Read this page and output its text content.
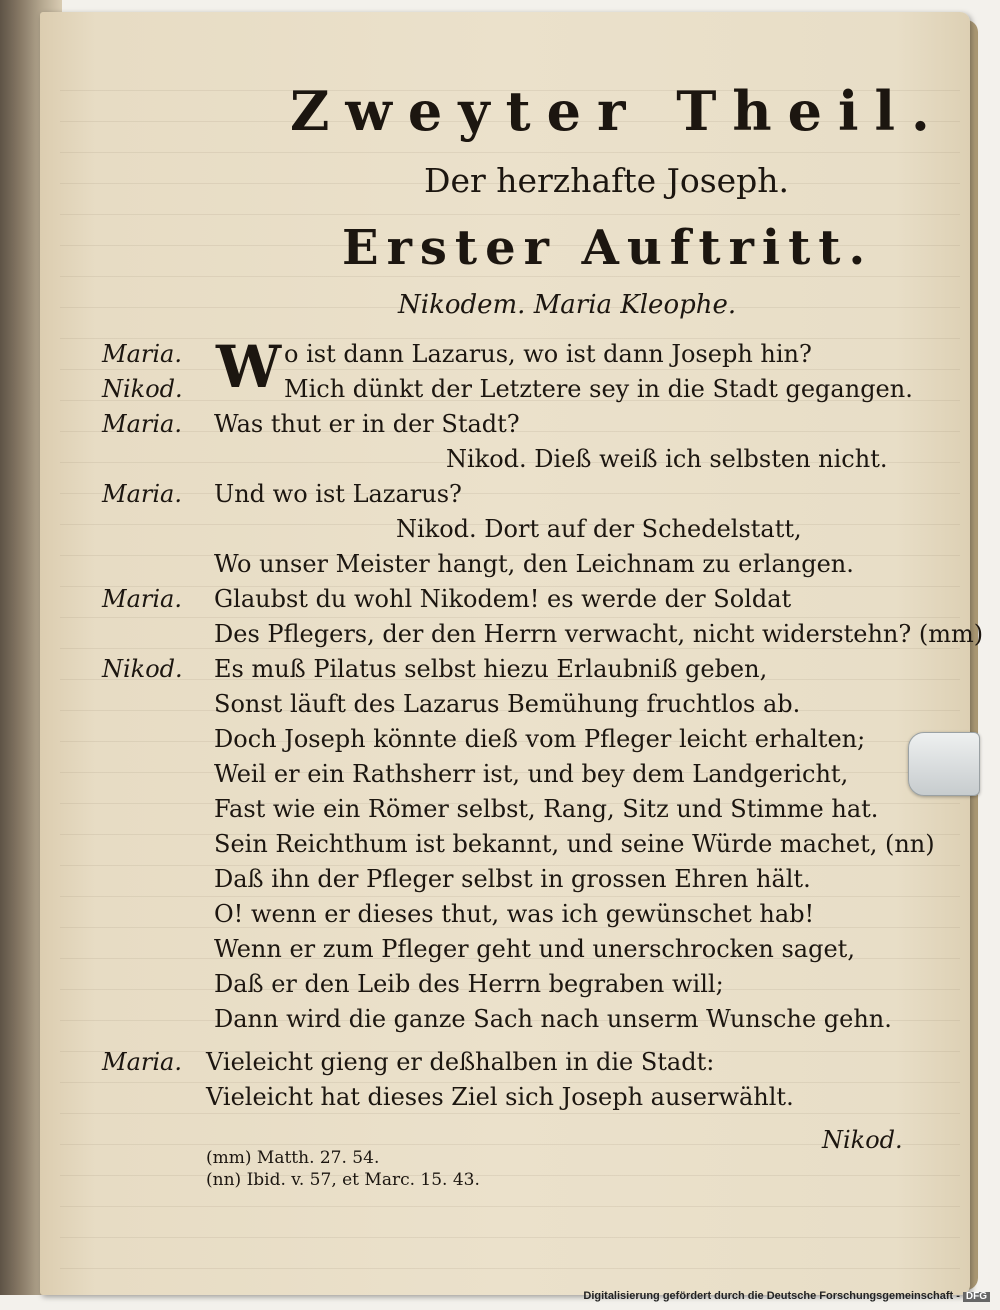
Zweyter Theil.
Der herzhafte Joseph.
Erster Auftritt.
Nikodem. Maria Kleophe.
W
Maria.	o ist dann Lazarus, wo ist dann Joseph hin?
Nikod.	Mich dünkt der Letztere sey in die Stadt gegangen.
Maria. Was thut er in der Stadt?
Nikod. Dieß weiß ich selbsten nicht.
Maria. Und wo ist Lazarus?
Nikod. Dort auf der Schedelstatt,
Wo unser Meister hangt, den Leichnam zu erlangen.
Maria. Glaubst du wohl Nikodem! es werde der Soldat
Des Pflegers, der den Herrn verwacht, nicht widerstehn? (mm)
Nikod. Es muß Pilatus selbst hiezu Erlaubniß geben,
Sonst läuft des Lazarus Bemühung fruchtlos ab.
Doch Joseph könnte dieß vom Pfleger leicht erhalten;
Weil er ein Rathsherr ist, und bey dem Landgericht,
Fast wie ein Römer selbst, Rang, Sitz und Stimme hat.
Sein Reichthum ist bekannt, und seine Würde machet, (nn)
Daß ihn der Pfleger selbst in grossen Ehren hält.
O! wenn er dieses thut, was ich gewünschet hab!
Wenn er zum Pfleger geht und unerschrocken saget,
Daß er den Leib des Herrn begraben will;
Dann wird die ganze Sach nach unserm Wunsche gehn.
Maria. Vieleicht gieng er deßhalben in die Stadt:
Vieleicht hat dieses Ziel sich Joseph auserwählt.
Nikod.
(mm) Matth. 27. 54.
(nn) Ibid. v. 57, et Marc. 15. 43.
Digitalisierung gefördert durch die Deutsche Forschungsgemeinschaft - DFG
